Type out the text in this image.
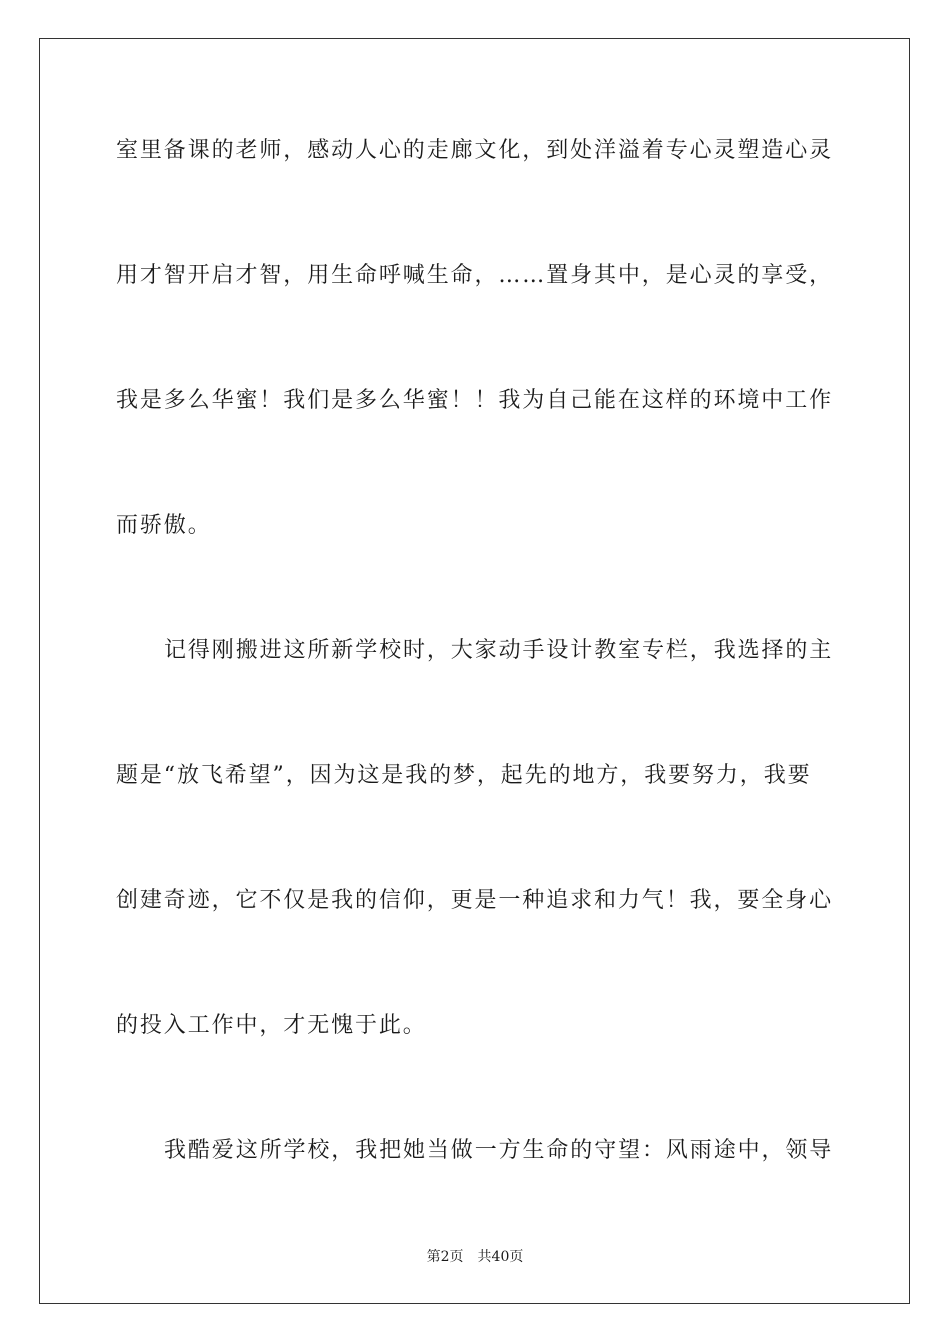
室里备课的老师，感动人心的走廊文化，到处洋溢着专心灵塑造心灵
用才智开启才智，用生命呼喊生命，……置身其中，是心灵的享受，
我是多么华蜜！我们是多么华蜜！！我为自己能在这样的环境中工作
而骄傲。
记得刚搬进这所新学校时，大家动手设计教室专栏，我选择的主
题是“放飞希望”，因为这是我的梦，起先的地方，我要努力，我要
创建奇迹，它不仅是我的信仰，更是一种追求和力气！我，要全身心
的投入工作中，才无愧于此。
我酷爱这所学校，我把她当做一方生命的守望：风雨途中，领导
第2页 共40页
